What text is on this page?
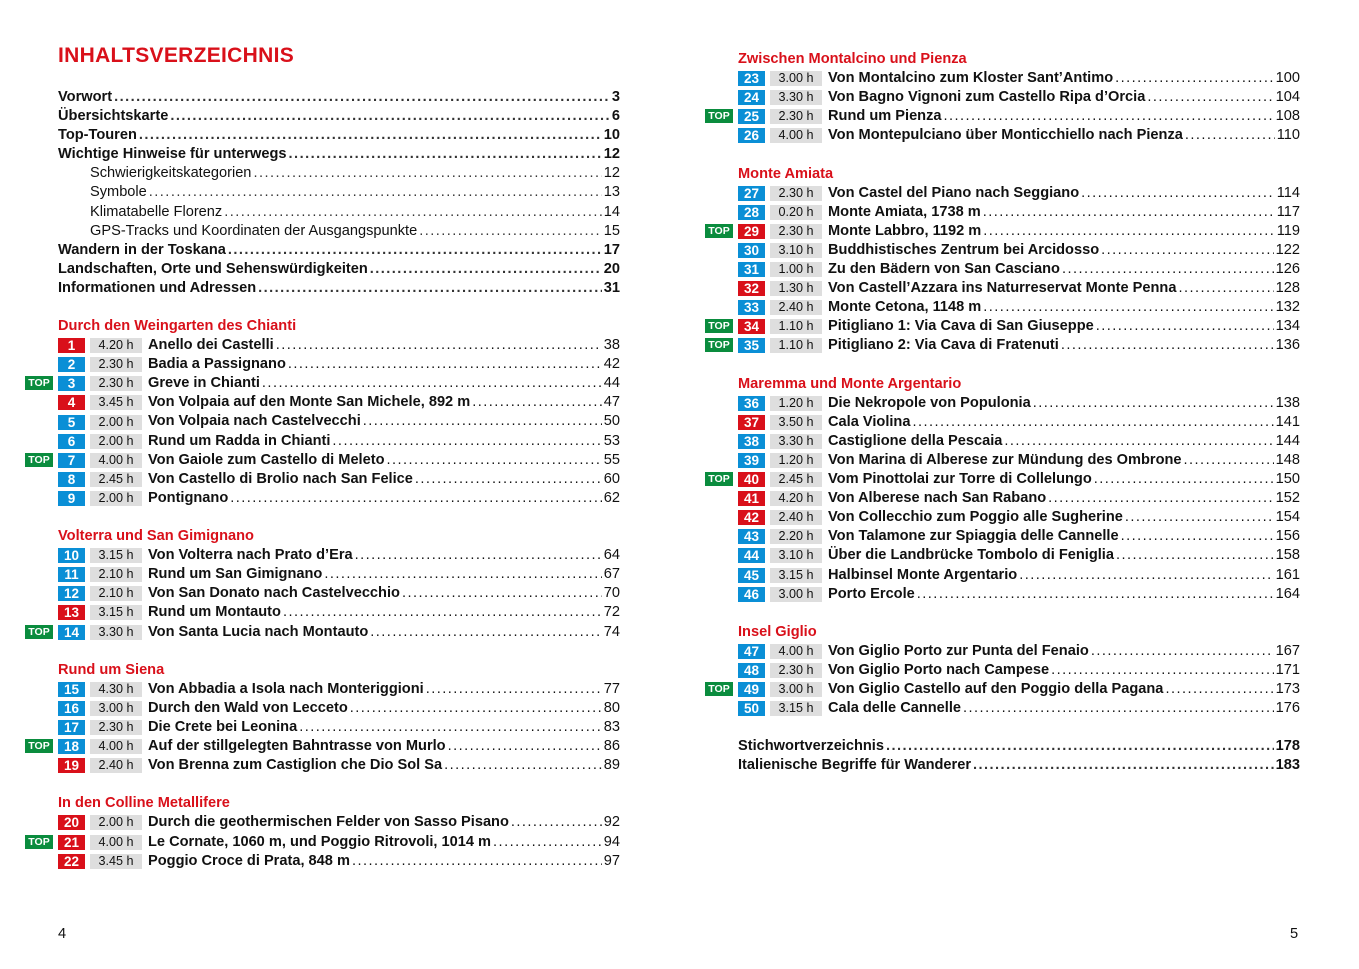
INHALTSVERZEICHNIS
Vorwort . . .	3
Übersichtskarte . . .	6
Top-Touren . . .	10
Wichtige Hinweise für unterwegs . . .	12
Schwierigkeitskategorien . . .	12
Symbole . . .	13
Klimatabelle Florenz . . .	14
GPS-Tracks und Koordinaten der Ausgangspunkte . . .	15
Wandern in der Toskana . . .	17
Landschaften, Orte und Sehenswürdigkeiten . . .	20
Informationen und Adressen . . .	31
Durch den Weingarten des Chianti
1	4.20 h Anello dei Castelli . . .	38
2	2.30 h Badia a Passignano . . .	42
TOP	3	2.30 h Greve in Chianti . . .	44
4	3.45 h Von Volpaia auf den Monte San Michele, 892 m . . .	47
5	2.00 h Von Volpaia nach Castelvecchi . . .	50
6	2.00 h Rund um Radda in Chianti . . .	53
TOP	7	4.00 h Von Gaiole zum Castello di Meleto . . .	55
8	2.45 h Von Castello di Brolio nach San Felice . . .	60
9	2.00 h Pontignano . . .	62
Volterra und San Gimignano
10	3.15 h Von Volterra nach Prato d’Era . . .	64
11	2.10 h Rund um San Gimignano . . .	67
12	2.10 h Von San Donato nach Castelvecchio . . .	70
13	3.15 h Rund um Montauto . . .	72
TOP	14	3.30 h Von Santa Lucia nach Montauto . . .	74
Rund um Siena
15	4.30 h Von Abbadia a Isola nach Monteriggioni . . .	77
16	3.00 h Durch den Wald von Lecceto . . .	80
17	2.30 h Die Crete bei Leonina . . .	83
TOP	18	4.00 h Auf der stillgelegten Bahntrasse von Murlo . . .	86
19	2.40 h Von Brenna zum Castiglion che Dio Sol Sa . . .	89
In den Colline Metallifere
20	2.00 h Durch die geothermischen Felder von Sasso Pisano . . .	92
TOP	21	4.00 h Le Cornate, 1060 m, und Poggio Ritrovoli, 1014 m . . .	94
22	3.45 h Poggio Croce di Prata, 848 m . . .	97
Zwischen Montalcino und Pienza
23	3.00 h Von Montalcino zum Kloster Sant’Antimo . . .	100
24	3.30 h Von Bagno Vignoni zum Castello Ripa d’Orcia . . .	104
TOP	25	2.30 h Rund um Pienza . . .	108
26	4.00 h Von Montepulciano über Monticchiello nach Pienza . . .	110
Monte Amiata
27	2.30 h Von Castel del Piano nach Seggiano . . .	114
28	0.20 h Monte Amiata, 1738 m . . .	117
TOP	29	2.30 h Monte Labbro, 1192 m . . .	119
30	3.10 h Buddhistisches Zentrum bei Arcidosso . . .	122
31	1.00 h Zu den Bädern von San Casciano . . .	126
32	1.30 h Von Castell’Azzara ins Naturreservat Monte Penna . . .	128
33	2.40 h Monte Cetona, 1148 m . . .	132
TOP	34	1.10 h Pitigliano 1: Via Cava di San Giuseppe . . .	134
TOP	35	1.10 h Pitigliano 2: Via Cava di Fratenuti . . .	136
Maremma und Monte Argentario
36	1.20 h Die Nekropole von Populonia . . .	138
37	3.50 h Cala Violina . . .	141
38	3.30 h Castiglione della Pescaia . . .	144
39	1.20 h Von Marina di Alberese zur Mündung des Ombrone . . .	148
TOP	40	2.45 h Vom Pinottolai zur Torre di Collelungo . . .	150
41	4.20 h Von Alberese nach San Rabano . . .	152
42	2.40 h Von Collecchio zum Poggio alle Sugherine . . .	154
43	2.20 h Von Talamone zur Spiaggia delle Cannelle . . .	156
44	3.10 h Über die Landbrücke Tombolo di Feniglia . . .	158
45	3.15 h Halbinsel Monte Argentario . . .	161
46	3.00 h Porto Ercole . . .	164
Insel Giglio
47	4.00 h Von Giglio Porto zur Punta del Fenaio . . .	167
48	2.30 h Von Giglio Porto nach Campese . . .	171
TOP	49	3.00 h Von Giglio Castello auf den Poggio della Pagana . . .	173
50	3.15 h Cala delle Cannelle . . .	176
Stichwortverzeichnis . . .	178
Italienische Begriffe für Wanderer . . .	183
4	5
